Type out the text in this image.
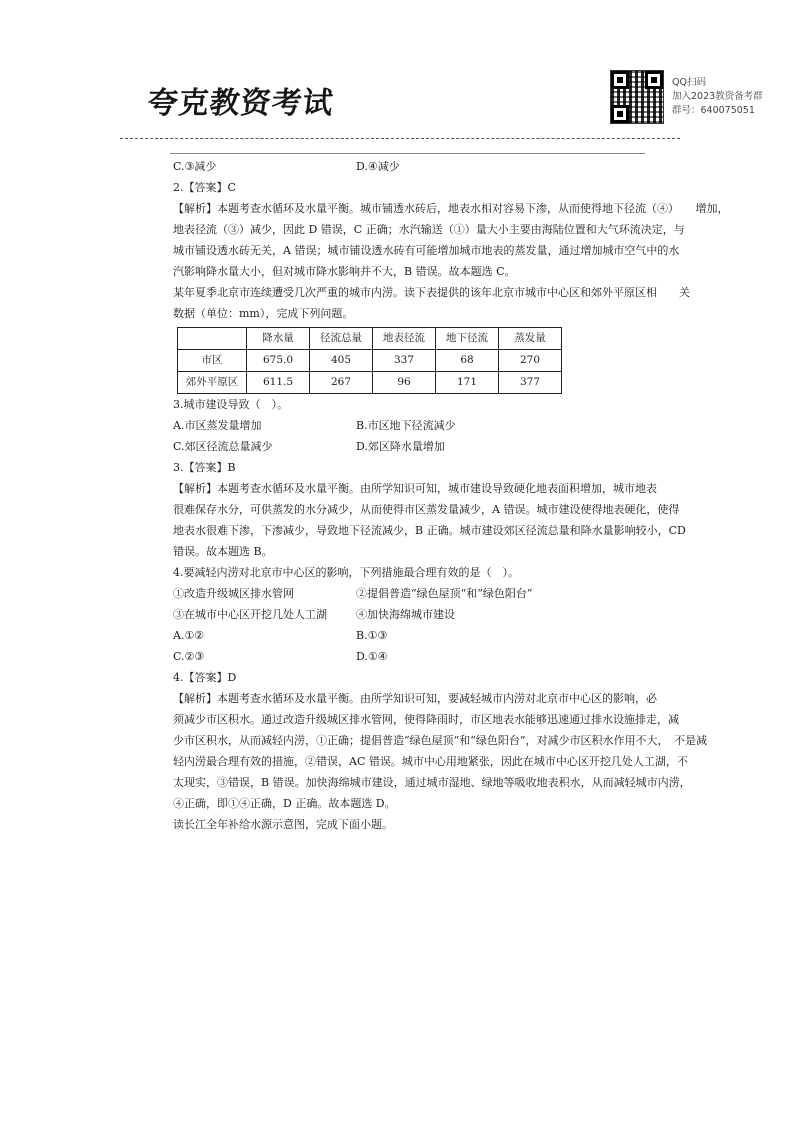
夸克教资考试
QQ扫码
加入2023教资备考群
群号：640075051
C.③减少	D.④减少
2.【答案】C
【解析】本题考查水循环及水量平衡。城市铺透水砖后，地表水相对容易下渗，从而使得地下径流（④）　　增加，
地表径流（③）减少，因此 D 错误，C 正确；水汽输送（①）量大小主要由海陆位置和大气环流决定，与
城市铺设透水砖无关，A 错误；城市铺设透水砖有可能增加城市地表的蒸发量，通过增加城市空气中的水
汽影响降水量大小，但对城市降水影响并不大，B 错误。故本题选 C。
某年夏季北京市连续遭受几次严重的城市内涝。读下表提供的该年北京市城市中心区和郊外平原区相　　关
数据（单位：mm），完成下列问题。
	降水量	径流总量	地表径流	地下径流	蒸发量
市区	675.0	405	337	68	270
郊外平原区	611.5	267	96	171	377
3.城市建设导致（　）。
A.市区蒸发量增加	B.市区地下径流减少
C.郊区径流总量减少	D.郊区降水量增加
3.【答案】B
【解析】本题考查水循环及水量平衡。由所学知识可知，城市建设导致硬化地表面积增加，城市地表
很难保存水分，可供蒸发的水分减少，从而使得市区蒸发量减少，A 错误。城市建设使得地表硬化，使得
地表水很难下渗，下渗减少，导致地下径流减少，B 正确。城市建设郊区径流总量和降水量影响较小，CD
错误。故本题选 B。
4.要减轻内涝对北京市中心区的影响，下列措施最合理有效的是（　）。
①改造升级城区排水管网	②提倡普造“绿色屋顶“和“绿色阳台”
③在城市中心区开挖几处人工湖	④加快海绵城市建设
A.①②	B.①③
C.②③	D.①④
4.【答案】D
【解析】本题考查水循环及水量平衡。由所学知识可知，要减轻城市内涝对北京市中心区的影响，必
须减少市区积水。通过改造升级城区排水管网，使得降雨时，市区地表水能够迅速通过排水设施排走，减
少市区积水，从而减轻内涝，①正确；提倡普造“绿色屋顶“和“绿色阳台”，对减少市区积水作用不大，　不是减
轻内涝最合理有效的措施，②错误，AC 错误。城市中心用地紧张，因此在城市中心区开挖几处人工湖，不
太现实，③错误，B 错误。加快海绵城市建设，通过城市湿地、绿地等吸收地表积水，从而减轻城市内涝，
④正确，即①④正确，D 正确。故本题选 D。
读长江全年补给水源示意图，完成下面小题。
